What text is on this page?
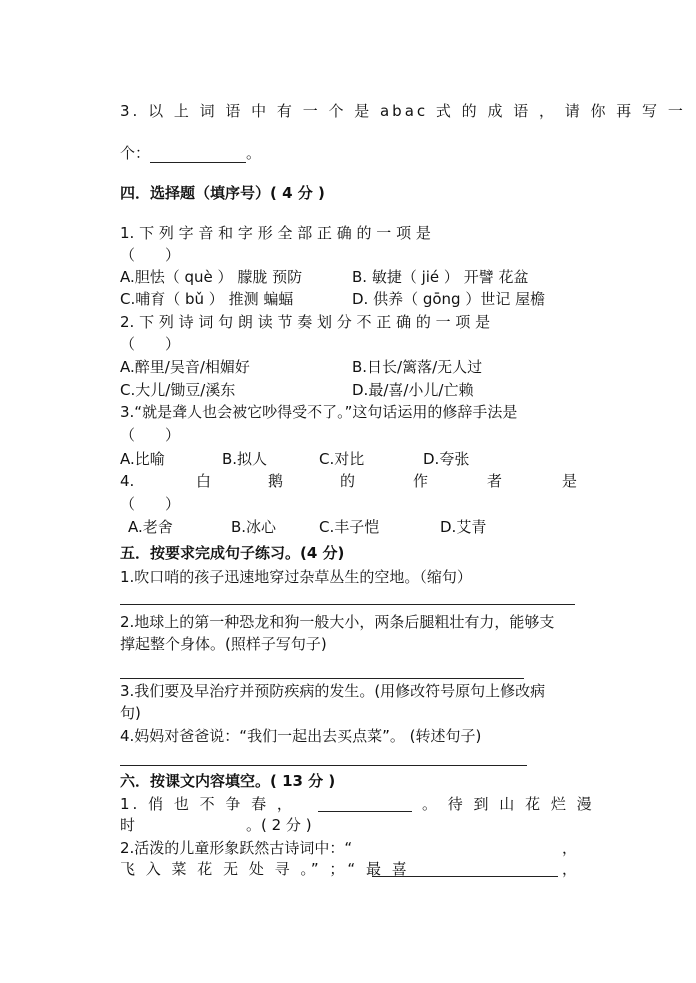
3. 以 上 词 语 中 有 一 个 是 abac 式 的 成 语 ， 请 你 再 写 一
个：	。
四．选择题（填序号）( 4 分 )
1. 下 列 字 音 和 字 形 全 部 正 确 的 一 项 是
（　　）
A.胆怯（ què ） 朦胧 预防	B. 敏捷（ jié ） 开譬 花盆
C.哺育（ bǔ ） 推测 蝙蝠	D. 供养（ gōng ）世记 屋檐
2. 下 列 诗 词 句 朗 读 节 奏 划 分 不 正 确 的 一 项 是
（　　）
A.醉里/吴音/相媚好	B.日长/篱落/无人过
C.大儿/锄豆/溪东	D.最/喜/小儿/亡赖
3.“就是聋人也会被它吵得受不了。”这句话运用的修辞手法是
（　　）
A.比喻	B.拟人	C.对比	D.夸张
4.	白	鹅	的	作	者	是
（　　）
A.老舍	B.冰心	C.丰子恺	D.艾青
五．按要求完成句子练习。(4 分)
1.吹口哨的孩子迅速地穿过杂草丛生的空地。（缩句）
2.地球上的第一种恐龙和狗一般大小，两条后腿粗壮有力，能够支
撑起整个身体。(照样子写句子)
3.我们要及早治疗并预防疾病的发生。(用修改符号原句上修改病
句)
4.妈妈对爸爸说：“我们一起出去买点菜”。 (转述句子)
六．按课文内容填空。( 13 分 )
1. 俏 也 不 争 春 ，	。 待 到 山 花 烂 漫
时	。( 2 分 )
2.活泼的儿童形象跃然古诗词中：“	，
飞 入 菜 花 无 处 寻 。” ；“ 最 喜	，
